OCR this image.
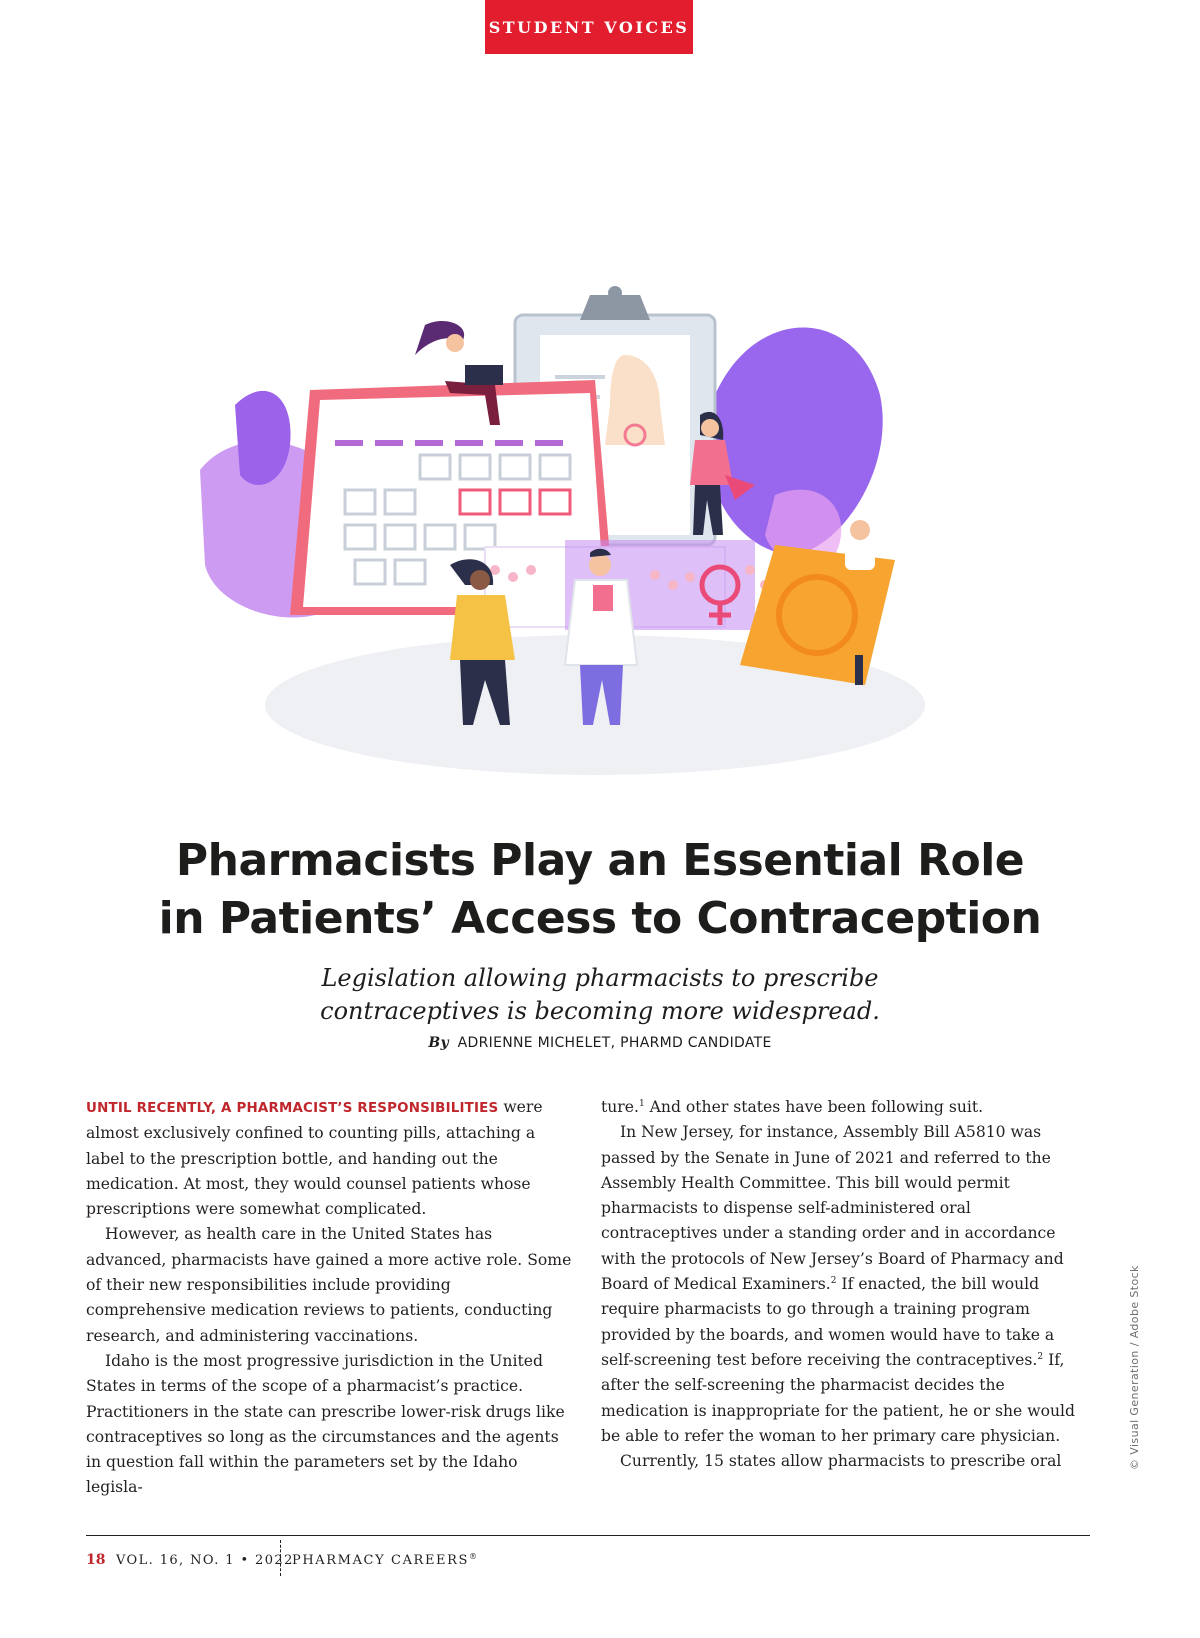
STUDENT VOICES
Pharmacists Play an Essential Role
in Patients’ Access to Contraception

Legislation allowing pharmacists to prescribe
contraceptives is becoming more widespread.

By ADRIENNE MICHELET, PHARMD CANDIDATE

UNTIL RECENTLY, A PHARMACIST’S RESPONSIBILITIES were almost exclusively confined to counting pills, attaching a label to the prescription bottle, and handing out the medication. At most, they would counsel patients whose prescriptions were somewhat complicated.

However, as health care in the United States has advanced, pharmacists have gained a more active role. Some of their new responsibilities include providing comprehensive medication reviews to patients, conducting research, and administering vaccinations.

Idaho is the most progressive jurisdiction in the United States in terms of the scope of a pharmacist’s practice. Practitioners in the state can prescribe lower-risk drugs like contraceptives so long as the circumstances and the agents in question fall within the parameters set by the Idaho legisla-

ture.$^1$ And other states have been following suit.

In New Jersey, for instance, Assembly Bill A5810 was passed by the Senate in June of 2021 and referred to the Assembly Health Committee. This bill would permit pharmacists to dispense self-administered oral contraceptives under a standing order and in accordance with the protocols of New Jersey’s Board of Pharmacy and Board of Medical Examiners.$^2$ If enacted, the bill would require pharmacists to go through a training program provided by the boards, and women would have to take a self-screening test before receiving the contraceptives.$^2$ If, after the self-screening the pharmacist decides the medication is inappropriate for the patient, he or she would be able to refer the woman to her primary care physician.

Currently, 15 states allow pharmacists to prescribe oral	© Visual Generation / Adobe Stock
18 VOL. 16, NO. 1 • 2022
PHARMACY CAREERS®
